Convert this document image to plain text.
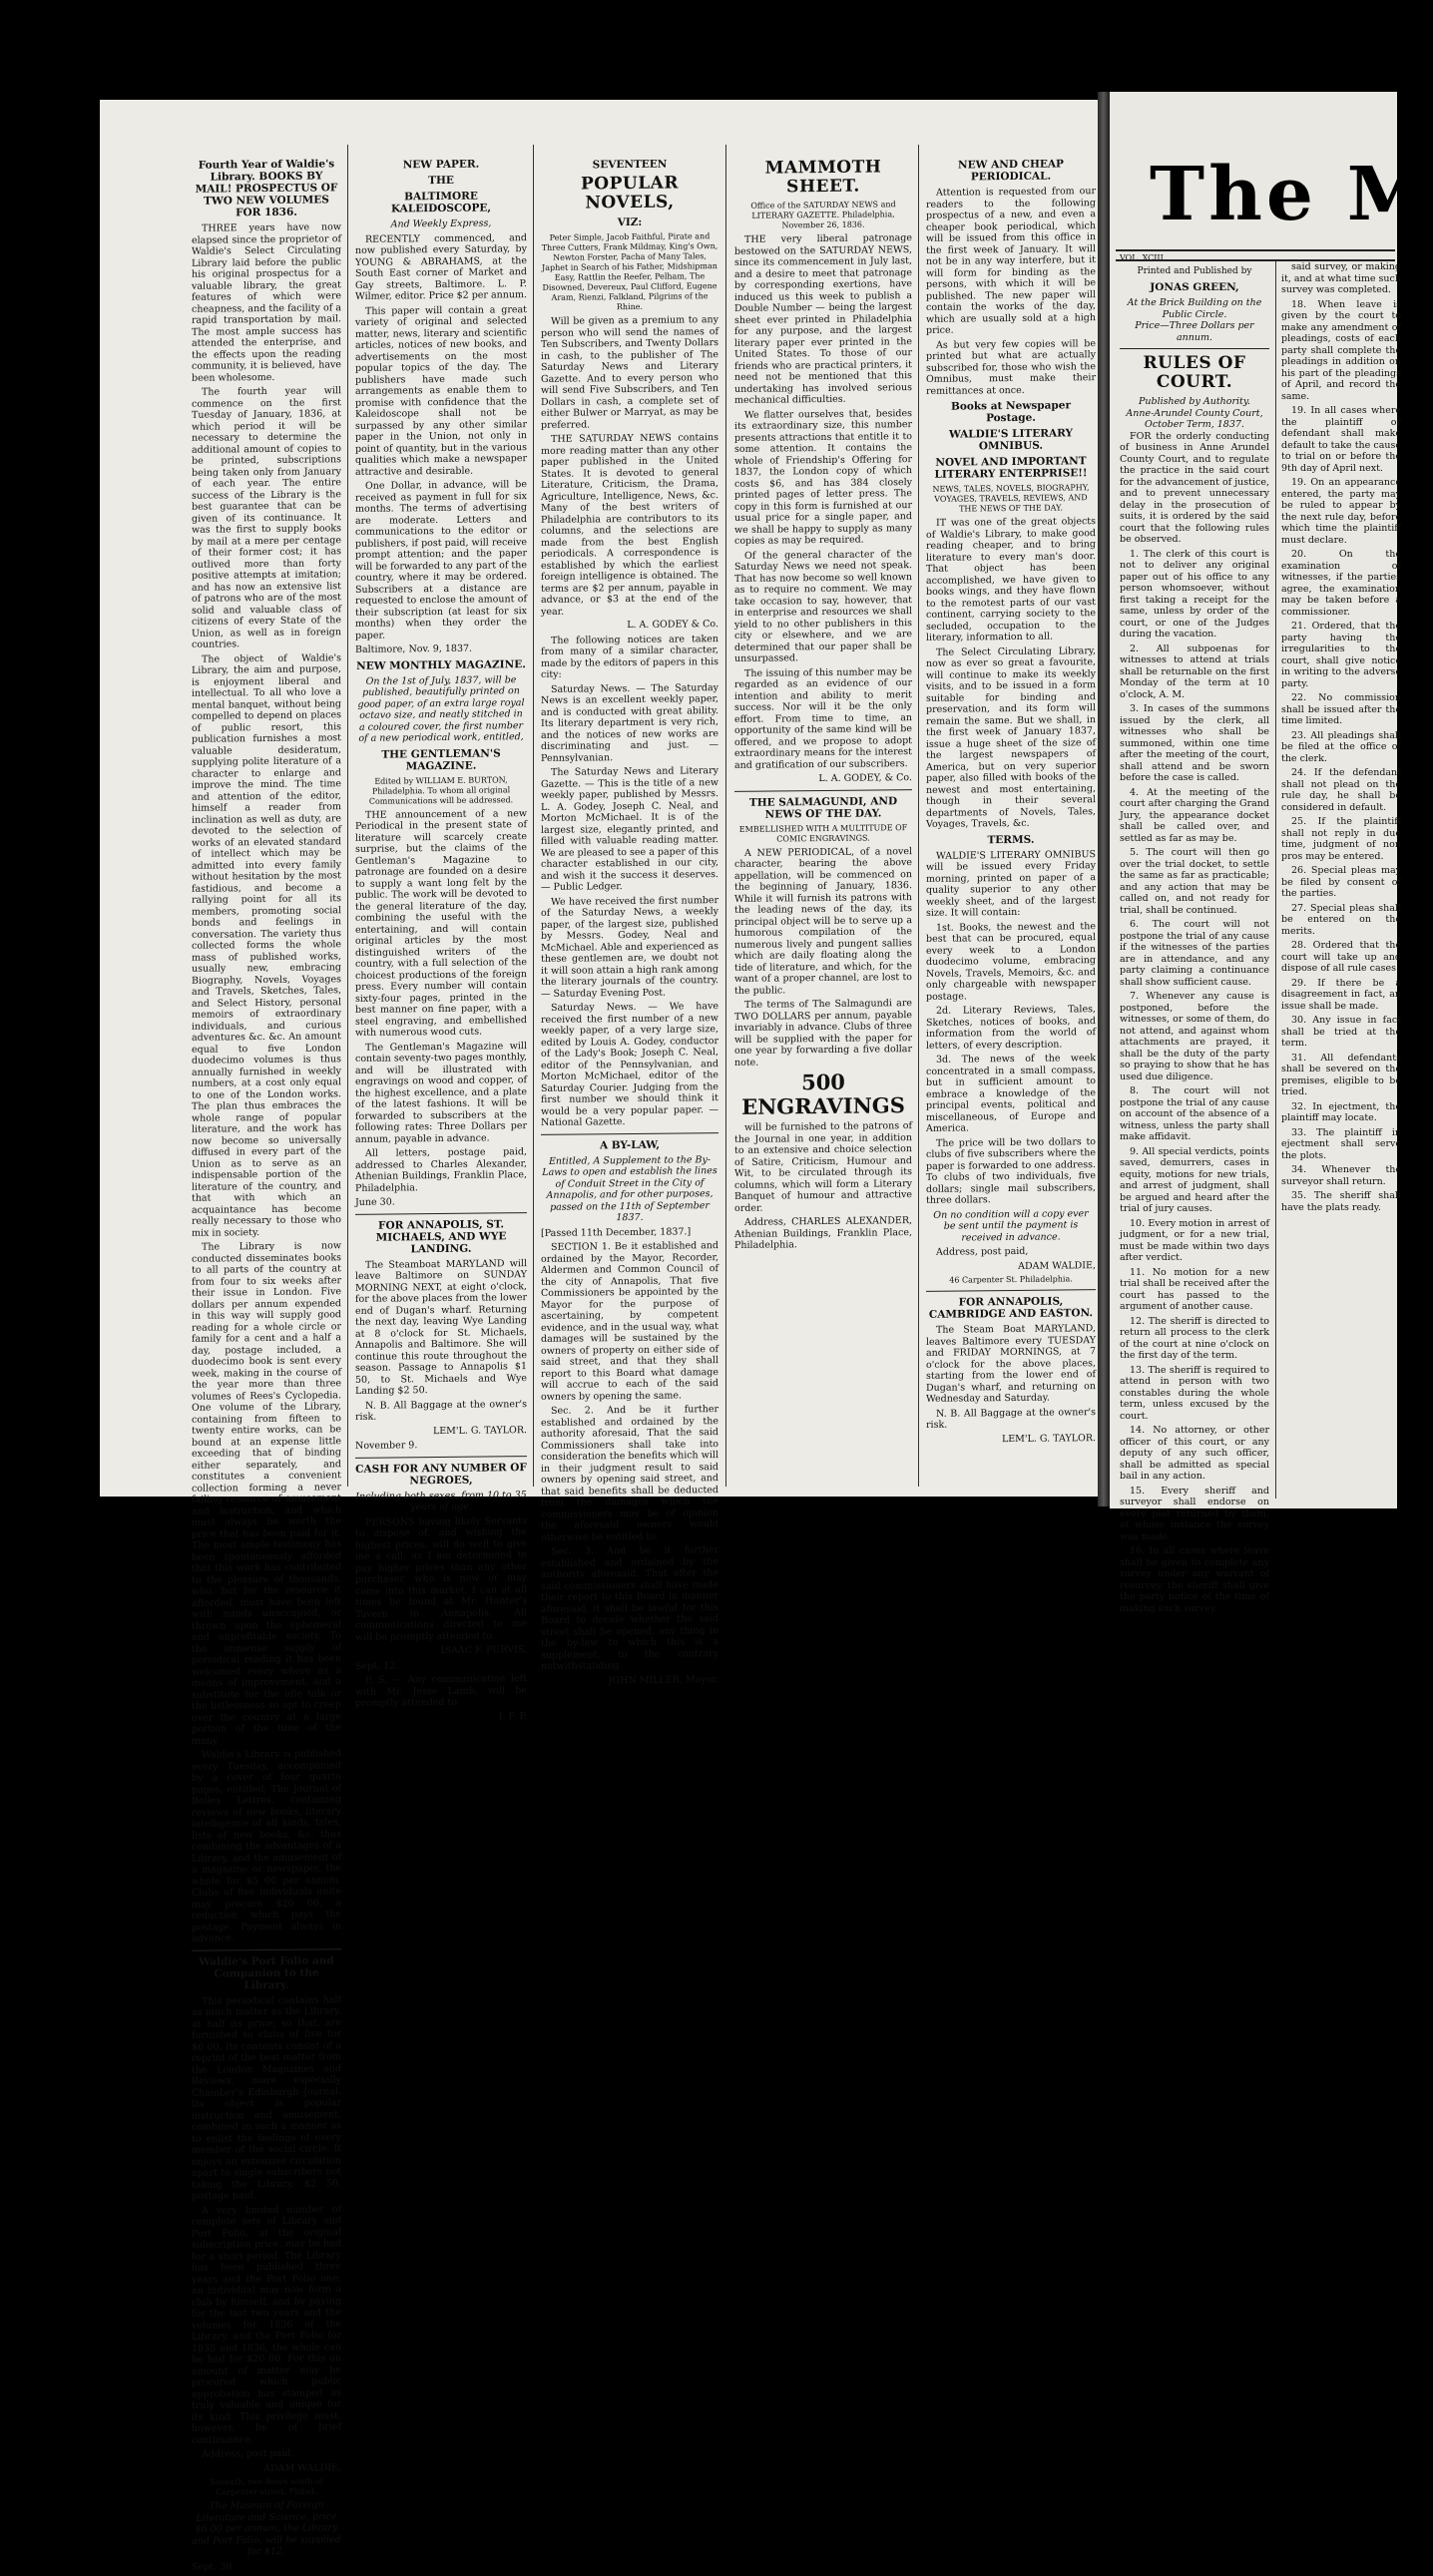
Fourth Year of Waldie's Library. BOOKS BY MAIL! PROSPECTUS OF TWO NEW VOLUMES FOR 1836.

THREE years have now elapsed since the proprietor of Waldie's Select Circulating Library laid before the public his original prospectus for a valuable library, the great features of which were cheapness, and the facility of a rapid transportation by mail. The most ample success has attended the enterprise, and the effects upon the reading community, it is believed, have been wholesome.

The fourth year will commence on the first Tuesday of January, 1836, at which period it will be necessary to determine the additional amount of copies to be printed, subscriptions being taken only from January of each year. The entire success of the Library is the best guarantee that can be given of its continuance. It was the first to supply books by mail at a mere per centage of their former cost; it has outlived more than forty positive attempts at imitation; and has now an extensive list of patrons who are of the most solid and valuable class of citizens of every State of the Union, as well as in foreign countries.

The object of Waldie's Library, the aim and purpose, is enjoyment liberal and intellectual. To all who love a mental banquet, without being compelled to depend on places of public resort, this publication furnishes a most valuable desideratum, supplying polite literature of a character to enlarge and improve the mind. The time and attention of the editor, himself a reader from inclination as well as duty, are devoted to the selection of works of an elevated standard of intellect which may be admitted into every family without hesitation by the most fastidious, and become a rallying point for all its members, promoting social bonds and feelings in conversation. The variety thus collected forms the whole mass of published works, usually new, embracing Biography, Novels, Voyages and Travels, Sketches, Tales, and Select History, personal memoirs of extraordinary individuals, and curious adventures &c. &c. An amount equal to five London duodecimo volumes is thus annually furnished in weekly numbers, at a cost only equal to one of the London works. The plan thus embraces the whole range of popular literature, and the work has now become so universally diffused in every part of the Union as to serve as an indispensable portion of the literature of the country, and that with which an acquaintance has become really necessary to those who mix in society.

The Library is now conducted disseminates books to all parts of the country at from four to six weeks after their issue in London. Five dollars per annum expended in this way will supply good reading for a whole circle or family for a cent and a half a day, postage included, a duodecimo book is sent every week, making in the course of the year more than three volumes of Rees's Cyclopedia. One volume of the Library, containing from fifteen to twenty entire works, can be bound at an expense little exceeding that of binding either separately, and constitutes a convenient collection forming a never failing resource of amusement and instruction, and which must always be worth the price that has been paid for it. The most ample testimony has been spontaneously afforded that this work has contributed to the pleasure of thousands, who, but for the resource it afforded, must have been left with minds unoccupied, or thrown upon the ephemeral and unprofitable society. To the immense supply of periodical reading it has been welcomed every where as a means of improvement, and a substitute for the idle talk or the listlessness so apt to creep over the country at a large portion of the time of the many.

Waldie's Library is published every Tuesday, accompanied by a cover of four quarto pages, entitled, The Journal of Belles Lettres, containing reviews of new books, literary intelligence of all kinds, tales, lists of new books, &c. thus combining the advantages of a Library, and the amusement of a magazine or newspaper, the whole for $5 00 per annum. Clubs of five individuals unite may procure $20 00, a reduction which pays the postage. Payment always in advance.

Waldie's Port Folio and Companion to the Library.

This periodical contains half as much matter as the Library, at half its price; so that, are furnished to clubs of five for $6 00. Its contents consist of a reprint of the best matter from the London Magazines and Reviews, more especially Chamber's Edinburgh Journal. Its object is popular instruction and amusement, combined in such a manner as to enlist the feelings of every member of the social circle. It enjoys an extensive circulation apart to single subscribers not taking the Library, $2 50, postage paid.

A very limited number of complete sets of Library and Port Folio, at the original subscription price, may be had for a short period. The Library has been published three years and the Port Folio one; an individual may now form a club by himself, and by paying for the last two years and the volumes for 1836 of the Library, and the Port Folio for 1835 and 1836, the whole can be had for $20 00. For this an amount of matter may be procured which public approbation has stamped as truly valuable and unique for its kind. This privilege must, however, be of brief continuance.

Address, post paid,

ADAM WALDIE,

Seventh, two doors south of Carpenter street, Philad.

The Museum of Foreign Literature and Science, price $6 00 per annum, the Library and Port Folio, will be supplied for $12.

Sept. 30

NEW PAPER.

THE

BALTIMORE KALEIDOSCOPE,

And Weekly Express,

RECENTLY commenced, and now published every Saturday, by YOUNG & ABRAHAMS, at the South East corner of Market and Gay streets, Baltimore. L. P. Wilmer, editor. Price $2 per annum.

This paper will contain a great variety of original and selected matter, news, literary and scientific articles, notices of new books, and advertisements on the most popular topics of the day. The publishers have made such arrangements as enable them to promise with confidence that the Kaleidoscope shall not be surpassed by any other similar paper in the Union, not only in point of quantity, but in the various qualities which make a newspaper attractive and desirable.

One Dollar, in advance, will be received as payment in full for six months. The terms of advertising are moderate. Letters and communications to the editor or publishers, if post paid, will receive prompt attention; and the paper will be forwarded to any part of the country, where it may be ordered. Subscribers at a distance are requested to enclose the amount of their subscription (at least for six months) when they order the paper.

Baltimore, Nov. 9, 1837.

NEW MONTHLY MAGAZINE.

On the 1st of July, 1837, will be published, beautifully printed on good paper, of an extra large royal octavo size, and neatly stitched in a coloured cover, the first number of a new periodical work, entitled,

THE GENTLEMAN'S MAGAZINE.

Edited by WILLIAM E. BURTON, Philadelphia. To whom all original Communications will be addressed.

THE announcement of a new Periodical in the present state of literature will scarcely create surprise, but the claims of the Gentleman's Magazine to patronage are founded on a desire to supply a want long felt by the public. The work will be devoted to the general literature of the day, combining the useful with the entertaining, and will contain original articles by the most distinguished writers of the country, with a full selection of the choicest productions of the foreign press. Every number will contain sixty-four pages, printed in the best manner on fine paper, with a steel engraving, and embellished with numerous wood cuts.

The Gentleman's Magazine will contain seventy-two pages monthly, and will be illustrated with engravings on wood and copper, of the highest excellence, and a plate of the latest fashions. It will be forwarded to subscribers at the following rates: Three Dollars per annum, payable in advance.

All letters, postage paid, addressed to Charles Alexander, Athenian Buildings, Franklin Place, Philadelphia.

June 30.

FOR ANNAPOLIS, ST. MICHAELS, AND WYE LANDING.

The Steamboat MARYLAND will leave Baltimore on SUNDAY MORNING NEXT, at eight o'clock, for the above places from the lower end of Dugan's wharf. Returning the next day, leaving Wye Landing at 8 o'clock for St. Michaels, Annapolis and Baltimore. She will continue this route throughout the season. Passage to Annapolis $1 50, to St. Michaels and Wye Landing $2 50.

N. B. All Baggage at the owner's risk.

LEM'L. G. TAYLOR.

November 9.

CASH FOR ANY NUMBER OF NEGROES,

Including both sexes, from 10 to 35 years of age.

PERSONS having likely Servants to dispose of, and wishing the highest prices, will do well to give me a call, as I am determined to pay higher prices than any other purchaser, who is now or may come into this market. I can at all times be found at Mr. Hunter's Tavern in Annapolis. All communications directed to me will be promptly attended to.

ISAAC F. PURVIS.

Sept. 12.

P. S. — Any communication left with Mr. Jesse Lamb, will be promptly attended to.

I. F. P.

SEVENTEEN

POPULAR NOVELS,

VIZ:

Peter Simple, Jacob Faithful, Pirate and Three Cutters, Frank Mildmay, King's Own, Newton Forster, Pacha of Many Tales, Japhet in Search of his Father, Midshipman Easy, Rattlin the Reefer, Pelham, The Disowned, Devereux, Paul Clifford, Eugene Aram, Rienzi, Falkland, Pilgrims of the Rhine.

Will be given as a premium to any person who will send the names of Ten Subscribers, and Twenty Dollars in cash, to the publisher of The Saturday News and Literary Gazette. And to every person who will send Five Subscribers, and Ten Dollars in cash, a complete set of either Bulwer or Marryat, as may be preferred.

THE SATURDAY NEWS contains more reading matter than any other paper published in the United States. It is devoted to general Literature, Criticism, the Drama, Agriculture, Intelligence, News, &c. Many of the best writers of Philadelphia are contributors to its columns, and the selections are made from the best English periodicals. A correspondence is established by which the earliest foreign intelligence is obtained. The terms are $2 per annum, payable in advance, or $3 at the end of the year.

L. A. GODEY & Co.

The following notices are taken from many of a similar character, made by the editors of papers in this city:

Saturday News. — The Saturday News is an excellent weekly paper, and is conducted with great ability. Its literary department is very rich, and the notices of new works are discriminating and just. — Pennsylvanian.

The Saturday News and Literary Gazette. — This is the title of a new weekly paper, published by Messrs. L. A. Godey, Joseph C. Neal, and Morton McMichael. It is of the largest size, elegantly printed, and filled with valuable reading matter. We are pleased to see a paper of this character established in our city, and wish it the success it deserves. — Public Ledger.

We have received the first number of the Saturday News, a weekly paper, of the largest size, published by Messrs. Godey, Neal and McMichael. Able and experienced as these gentlemen are, we doubt not it will soon attain a high rank among the literary journals of the country. — Saturday Evening Post.

Saturday News. — We have received the first number of a new weekly paper, of a very large size, edited by Louis A. Godey, conductor of the Lady's Book; Joseph C. Neal, editor of the Pennsylvanian, and Morton McMichael, editor of the Saturday Courier. Judging from the first number we should think it would be a very popular paper. — National Gazette.

A BY-LAW,

Entitled, A Supplement to the By-Laws to open and establish the lines of Conduit Street in the City of Annapolis, and for other purposes, passed on the 11th of September 1837.

[Passed 11th December, 1837.]

SECTION 1. Be it established and ordained by the Mayor, Recorder, Aldermen and Common Council of the city of Annapolis, That five Commissioners be appointed by the Mayor for the purpose of ascertaining, by competent evidence, and in the usual way, what damages will be sustained by the owners of property on either side of said street, and that they shall report to this Board what damage will accrue to each of the said owners by opening the same.

Sec. 2. And be it further established and ordained by the authority aforesaid, That the said Commissioners shall take into consideration the benefits which will in their judgment result to said owners by opening said street, and that said benefits shall be deducted from the damages which the commissioners may be of opinion the aforesaid owners would otherwise be entitled to.

Sec. 3. And be it further established and ordained by the authority aforesaid, That after the said commissioners shall have made their report to this Board in manner aforesaid, it shall be lawful for this Board to decide whether the said street shall be opened, any thing in the by-law to which this is a supplement, to the contrary notwithstanding.

JOHN MILLER, Mayor.

MAMMOTH SHEET.

Office of the SATURDAY NEWS and LITERARY GAZETTE. Philadelphia, November 26, 1836.

THE very liberal patronage bestowed on the SATURDAY NEWS, since its commencement in July last, and a desire to meet that patronage by corresponding exertions, have induced us this week to publish a Double Number — being the largest sheet ever printed in Philadelphia for any purpose, and the largest literary paper ever printed in the United States. To those of our friends who are practical printers, it need not be mentioned that this undertaking has involved serious mechanical difficulties.

We flatter ourselves that, besides its extraordinary size, this number presents attractions that entitle it to some attention. It contains the whole of Friendship's Offering for 1837, the London copy of which costs $6, and has 384 closely printed pages of letter press. The copy in this form is furnished at our usual price for a single paper, and we shall be happy to supply as many copies as may be required.

Of the general character of the Saturday News we need not speak. That has now become so well known as to require no comment. We may take occasion to say, however, that in enterprise and resources we shall yield to no other publishers in this city or elsewhere, and we are determined that our paper shall be unsurpassed.

The issuing of this number may be regarded as an evidence of our intention and ability to merit success. Nor will it be the only effort. From time to time, an opportunity of the same kind will be offered, and we propose to adopt extraordinary means for the interest and gratification of our subscribers.

L. A. GODEY, & Co.

THE SALMAGUNDI, AND NEWS OF THE DAY.

EMBELLISHED WITH A MULTITUDE OF COMIC ENGRAVINGS.

A NEW PERIODICAL, of a novel character, bearing the above appellation, will be commenced on the beginning of January, 1836. While it will furnish its patrons with the leading news of the day, its principal object will be to serve up a humorous compilation of the numerous lively and pungent sallies which are daily floating along the tide of literature, and which, for the want of a proper channel, are lost to the public.

The terms of The Salmagundi are TWO DOLLARS per annum, payable invariably in advance. Clubs of three will be supplied with the paper for one year by forwarding a five dollar note.

500 ENGRAVINGS

will be furnished to the patrons of the Journal in one year, in addition to an extensive and choice selection of Satire, Criticism, Humour and Wit, to be circulated through its columns, which will form a Literary Banquet of humour and attractive order.

Address, CHARLES ALEXANDER, Athenian Buildings, Franklin Place, Philadelphia.

NEW AND CHEAP PERIODICAL.

Attention is requested from our readers to the following prospectus of a new, and even a cheaper book periodical, which will be issued from this office in the first week of January. It will not be in any way interfere, but it will form for binding as the persons, with which it will be published. The new paper will contain the works of the day, which are usually sold at a high price.

As but very few copies will be printed but what are actually subscribed for, those who wish the Omnibus, must make their remittances at once.

Books at Newspaper Postage.

WALDIE'S LITERARY OMNIBUS.

NOVEL AND IMPORTANT LITERARY ENTERPRISE!!

NEWS, TALES, NOVELS, BIOGRAPHY, VOYAGES, TRAVELS, REVIEWS, AND THE NEWS OF THE DAY.

IT was one of the great objects of Waldie's Library, to make good reading cheaper, and to bring literature to every man's door. That object has been accomplished, we have given to books wings, and they have flown to the remotest parts of our vast continent, carrying society to the secluded, occupation to the literary, information to all.

The Select Circulating Library, now as ever so great a favourite, will continue to make its weekly visits, and to be issued in a form suitable for binding and preservation, and its form will remain the same. But we shall, in the first week of January 1837, issue a huge sheet of the size of the largest newspapers of America, but on very superior paper, also filled with books of the newest and most entertaining, though in their several departments of Novels, Tales, Voyages, Travels, &c.

TERMS.

WALDIE'S LITERARY OMNIBUS will be issued every Friday morning, printed on paper of a quality superior to any other weekly sheet, and of the largest size. It will contain:

1st. Books, the newest and the best that can be procured, equal every week to a London duodecimo volume, embracing Novels, Travels, Memoirs, &c. and only chargeable with newspaper postage.

2d. Literary Reviews, Tales, Sketches, notices of books, and information from the world of letters, of every description.

3d. The news of the week concentrated in a small compass, but in sufficient amount to embrace a knowledge of the principal events, political and miscellaneous, of Europe and America.

The price will be two dollars to clubs of five subscribers where the paper is forwarded to one address. To clubs of two individuals, five dollars; single mail subscribers, three dollars.

On no condition will a copy ever be sent until the payment is received in advance.

Address, post paid,

ADAM WALDIE,

46 Carpenter St. Philadelphia.

FOR ANNAPOLIS, CAMBRIDGE AND EASTON.

The Steam Boat MARYLAND, leaves Baltimore every TUESDAY and FRIDAY MORNINGS, at 7 o'clock for the above places, starting from the lower end of Dugan's wharf, and returning on Wednesday and Saturday.

N. B. All Baggage at the owner's risk.

LEM'L. G. TAYLOR.

The M
VOL. XCIII.
Printed and Published by
JONAS GREEN,
At the Brick Building on the Public Circle.
Price—Three Dollars per annum.
RULES OF COURT.
Published by Authority.
Anne-Arundel County Court, October Term, 1837.

FOR the orderly conducting of business in Anne Arundel County Court, and to regulate the practice in the said court for the advancement of justice, and to prevent unnecessary delay in the prosecution of suits, it is ordered by the said court that the following rules be observed.

1. The clerk of this court is not to deliver any original paper out of his office to any person whomsoever, without first taking a receipt for the same, unless by order of the court, or one of the Judges during the vacation.

2. All subpoenas for witnesses to attend at trials shall be returnable on the first Monday of the term at 10 o'clock, A. M.

3. In cases of the summons issued by the clerk, all witnesses who shall be summoned, within one time after the meeting of the court, shall attend and be sworn before the case is called.

4. At the meeting of the court after charging the Grand Jury, the appearance docket shall be called over, and settled as far as may be.

5. The court will then go over the trial docket, to settle the same as far as practicable; and any action that may be called on, and not ready for trial, shall be continued.

6. The court will not postpone the trial of any cause if the witnesses of the parties are in attendance, and any party claiming a continuance shall show sufficient cause.

7. Whenever any cause is postponed, before the witnesses, or some of them, do not attend, and against whom attachments are prayed, it shall be the duty of the party so praying to show that he has used due diligence.

8. The court will not postpone the trial of any cause on account of the absence of a witness, unless the party shall make affidavit.

9. All special verdicts, points saved, demurrers, cases in equity, motions for new trials, and arrest of judgment, shall be argued and heard after the trial of jury causes.

10. Every motion in arrest of judgment, or for a new trial, must be made within two days after verdict.

11. No motion for a new trial shall be received after the court has passed to the argument of another cause.

12. The sheriff is directed to return all process to the clerk of the court at nine o'clock on the first day of the term.

13. The sheriff is required to attend in person with two constables during the whole term, unless excused by the court.

14. No attorney, or other officer of this court, or any deputy of any such officer, shall be admitted as special bail in any action.

15. Every sheriff and surveyor shall endorse on every plat returned by them, at whose instance the survey was made.

16. In all cases where leave shall be given to complete any survey under any warrant of resurvey, the sheriff shall give the party notice of the time of making such survey.

said survey, or making it, and at what time such survey was completed.

18. When leave is given by the court to make any amendment of pleadings, costs of each party shall complete the pleadings in addition on his part of the pleadings of April, and record the same.

19. In all cases where the plaintiff or defendant shall make default to take the cause to trial on or before the 9th day of April next.

19. On an appearance entered, the party may be ruled to appear by the next rule day, before which time the plaintiff must declare.

20. On the examination of witnesses, if the parties agree, the examination may be taken before a commissioner.

21. Ordered, that the party having the irregularities to the court, shall give notice in writing to the adverse party.

22. No commission shall be issued after the time limited.

23. All pleadings shall be filed at the office of the clerk.

24. If the defendant shall not plead on the rule day, he shall be considered in default.

25. If the plaintiff shall not reply in due time, judgment of non pros may be entered.

26. Special pleas may be filed by consent of the parties.

27. Special pleas shall be entered on the merits.

28. Ordered that the court will take up and dispose of all rule cases.

29. If there be a disagreement in fact, an issue shall be made.

30. Any issue in fact shall be tried at the term.

31. All defendants shall be severed on the premises, eligible to be tried.

32. In ejectment, the plaintiff may locate.

33. The plaintiff in ejectment shall serve the plots.

34. Whenever the surveyor shall return.

35. The sheriff shall have the plats ready.
